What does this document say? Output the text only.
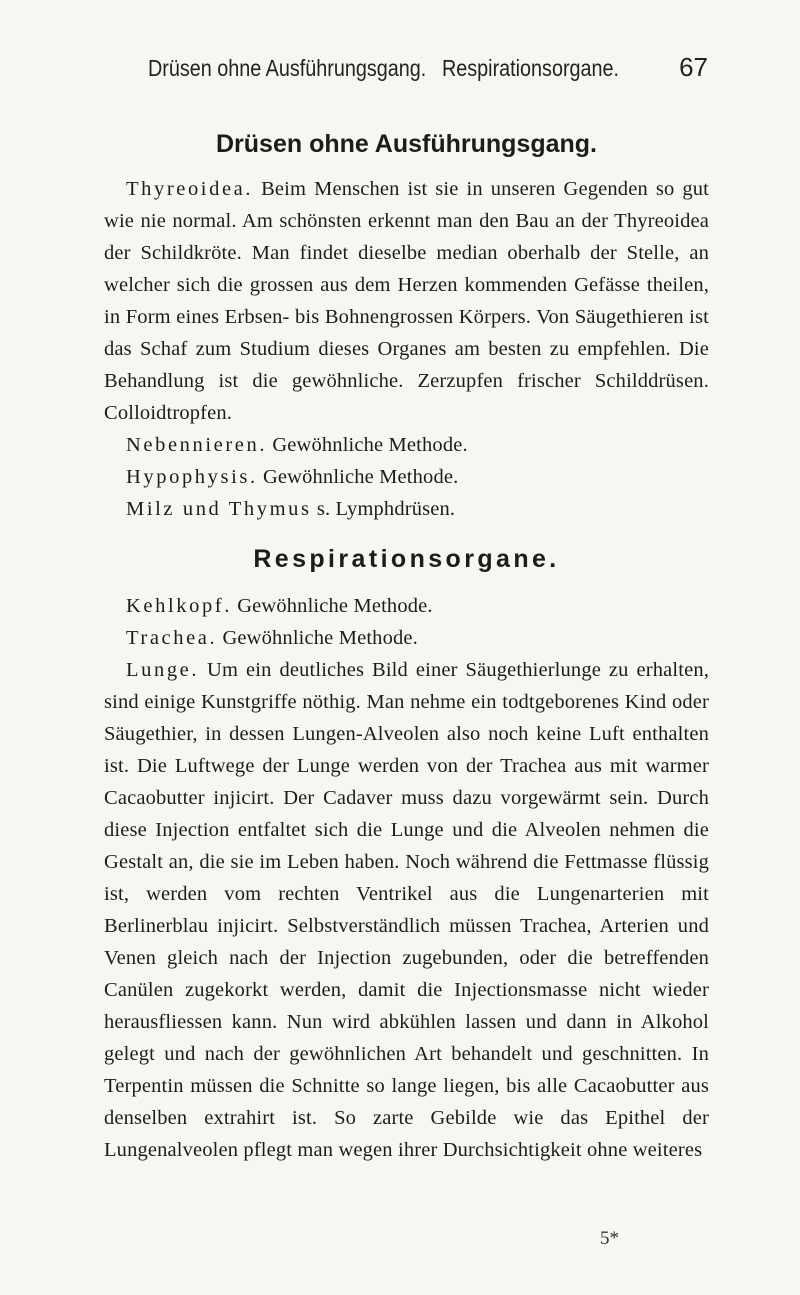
Drüsen ohne Ausführungsgang. Respirationsorgane. 67
Drüsen ohne Ausführungsgang.

Thyreoidea. Beim Menschen ist sie in unseren Gegenden so gut wie nie normal. Am schönsten erkennt man den Bau an der Thyreoidea der Schildkröte. Man findet dieselbe median oberhalb der Stelle, an welcher sich die grossen aus dem Herzen kommenden Gefässe theilen, in Form eines Erbsen- bis Bohnengrossen Körpers. Von Säugethieren ist das Schaf zum Studium dieses Organes am besten zu empfehlen. Die Behandlung ist die gewöhnliche. Zerzupfen frischer Schilddrüsen. Colloidtropfen.

Nebennieren. Gewöhnliche Methode.

Hypophysis. Gewöhnliche Methode.

Milz und Thymus s. Lymphdrüsen.

Respirationsorgane.

Kehlkopf. Gewöhnliche Methode.

Trachea. Gewöhnliche Methode.

Lunge. Um ein deutliches Bild einer Säugethierlunge zu erhalten, sind einige Kunstgriffe nöthig. Man nehme ein todtgeborenes Kind oder Säugethier, in dessen Lungen-Alveolen also noch keine Luft enthalten ist. Die Luftwege der Lunge werden von der Trachea aus mit warmer Cacaobutter injicirt. Der Cadaver muss dazu vorgewärmt sein. Durch diese Injection entfaltet sich die Lunge und die Alveolen nehmen die Gestalt an, die sie im Leben haben. Noch während die Fettmasse flüssig ist, werden vom rechten Ventrikel aus die Lungenarterien mit Berlinerblau injicirt. Selbstverständlich müssen Trachea, Arterien und Venen gleich nach der Injection zugebunden, oder die betreffenden Canülen zugekorkt werden, damit die Injectionsmasse nicht wieder herausfliessen kann. Nun wird abkühlen lassen und dann in Alkohol gelegt und nach der gewöhnlichen Art behandelt und geschnitten. In Terpentin müssen die Schnitte so lange liegen, bis alle Cacaobutter aus denselben extrahirt ist. So zarte Gebilde wie das Epithel der Lungenalveolen pflegt man wegen ihrer Durchsichtigkeit ohne weiteres

5*
